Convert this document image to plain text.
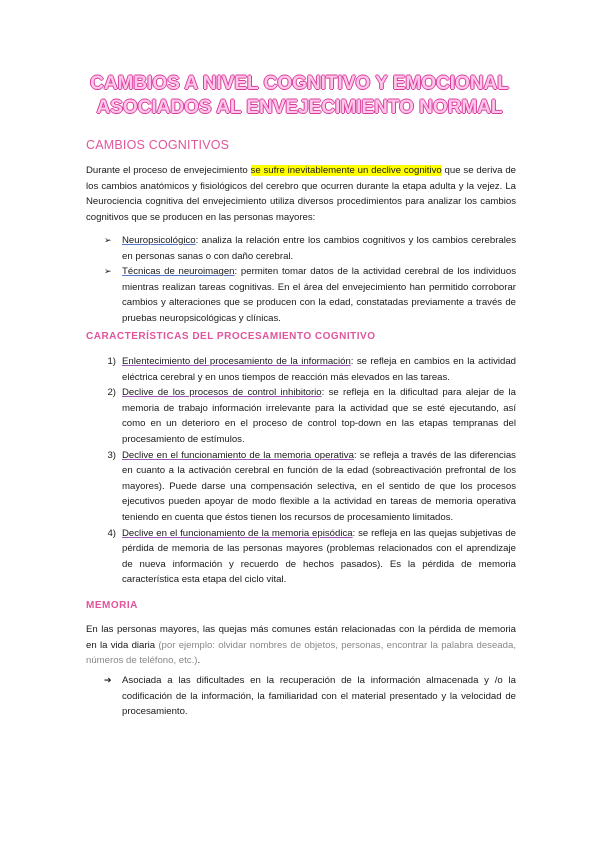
CAMBIOS A NIVEL COGNITIVO Y EMOCIONAL
ASOCIADOS AL ENVEJECIMIENTO NORMAL
CAMBIOS COGNITIVOS

Durante el proceso de envejecimiento se sufre inevitablemente un declive cognitivo que se deriva de los cambios anatómicos y fisiológicos del cerebro que ocurren durante la etapa adulta y la vejez. La Neurociencia cognitiva del envejecimiento utiliza diversos procedimientos para analizar los cambios cognitivos que se producen en las personas mayores:

➢ Neuropsicológico: analiza la relación entre los cambios cognitivos y los cambios cerebrales en personas sanas o con daño cerebral.
➢ Técnicas de neuroimagen: permiten tomar datos de la actividad cerebral de los individuos mientras realizan tareas cognitivas. En el área del envejecimiento han permitido corroborar cambios y alteraciones que se producen con la edad, constatadas previamente a través de pruebas neuropsicológicas y clínicas.
CARACTERÍSTICAS DEL PROCESAMIENTO COGNITIVO
1) Enlentecimiento del procesamiento de la información: se refleja en cambios en la actividad eléctrica cerebral y en unos tiempos de reacción más elevados en las tareas.
2) Declive de los procesos de control inhibitorio: se refleja en la dificultad para alejar de la memoria de trabajo información irrelevante para la actividad que se esté ejecutando, así como en un deterioro en el proceso de control top-down en las etapas tempranas del procesamiento de estímulos.
3) Declive en el funcionamiento de la memoria operativa: se refleja a través de las diferencias en cuanto a la activación cerebral en función de la edad (sobreactivación prefrontal de los mayores). Puede darse una compensación selectiva, en el sentido de que los procesos ejecutivos pueden apoyar de modo flexible a la actividad en tareas de memoria operativa teniendo en cuenta que éstos tienen los recursos de procesamiento limitados.
4) Declive en el funcionamiento de la memoria episódica: se refleja en las quejas subjetivas de pérdida de memoria de las personas mayores (problemas relacionados con el aprendizaje de nueva información y recuerdo de hechos pasados). Es la pérdida de memoria característica esta etapa del ciclo vital.
MEMORIA

En las personas mayores, las quejas más comunes están relacionadas con la pérdida de memoria en la vida diaria (por ejemplo: olvidar nombres de objetos, personas, encontrar la palabra deseada, números de teléfono, etc.).

➔ Asociada a las dificultades en la recuperación de la información almacenada y /o la codificación de la información, la familiaridad con el material presentado y la velocidad de procesamiento.
